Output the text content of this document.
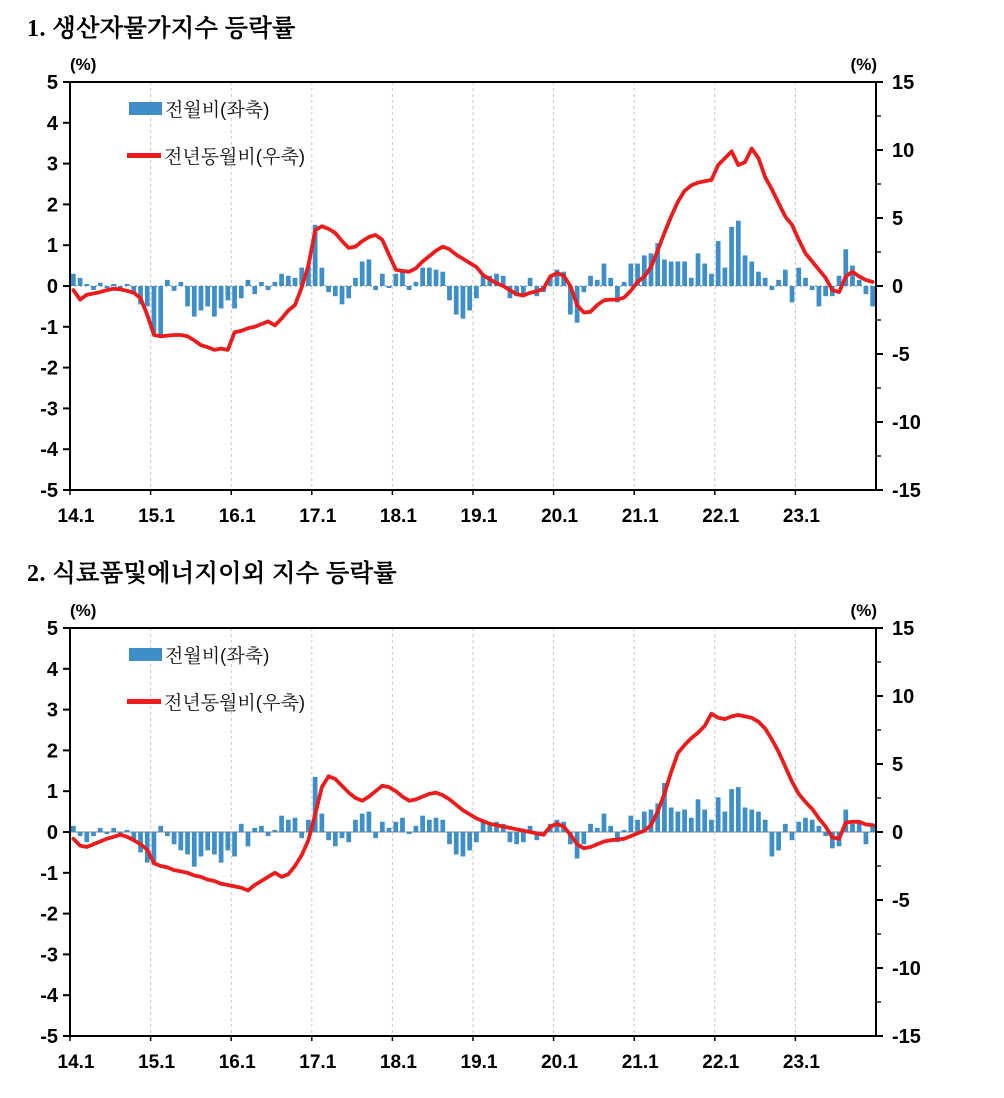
1. 생산자물가지수 등락률
(%)	(%)
5
4
3
2
1
0
-1
-2
-3
-4
-5
15
10
5
0
-5
-10
-15
14.1 15.1 16.1 17.1 18.1 19.1 20.1 21.1 22.1 23.1
전월비(좌축)
전년동월비(우축)
2. 식료품및에너지이외 지수 등락률
(%)	(%)
5
4
3
2
1
0
-1
-2
-3
-4
-5
15
10
5
0
-5
-10
-15
14.1 15.1 16.1 17.1 18.1 19.1 20.1 21.1 22.1 23.1
전월비(좌축)
전년동월비(우축)
